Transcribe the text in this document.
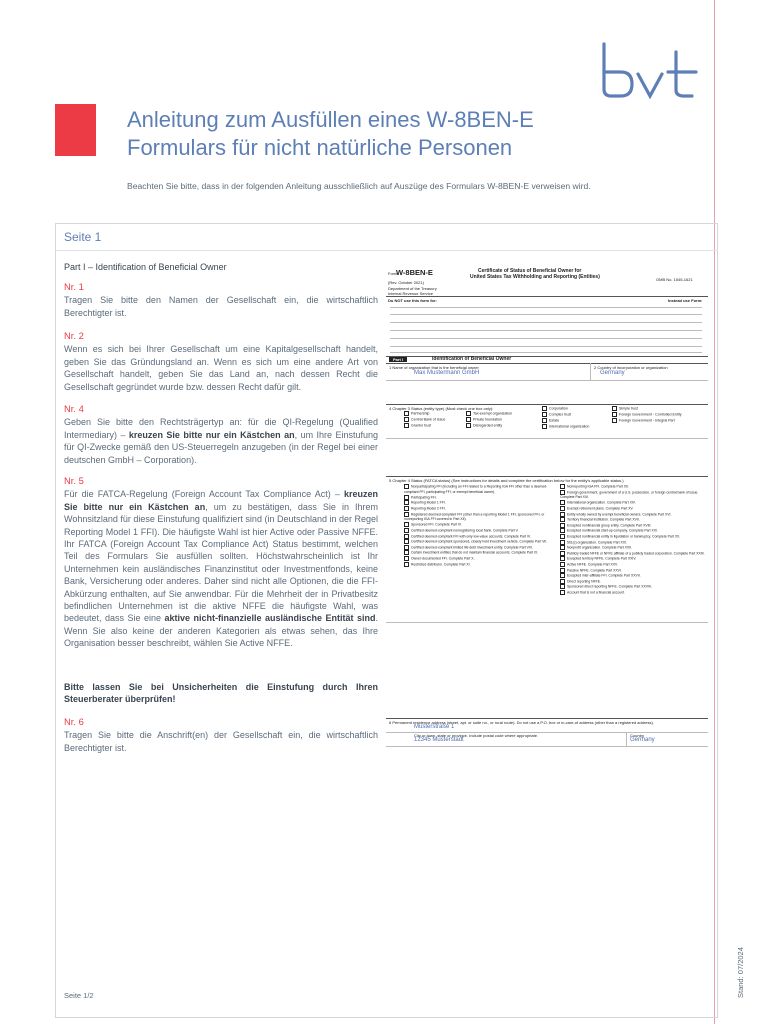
Anleitung zum Ausfüllen eines W-8BEN-E
Formulars für nicht natürliche Personen
Beachten Sie bitte, dass in der folgenden Anleitung ausschließlich auf Auszüge des Formulars W-8BEN-E verweisen wird.
Seite 1
Part I – Identification of Beneficial Owner
Nr. 1
Tragen Sie bitte den Namen der Gesellschaft ein, die wirtschaftlich Berechtigter ist.
Nr. 2
Wenn es sich bei Ihrer Gesellschaft um eine Kapitalgesellschaft handelt, geben Sie das Gründungsland an. Wenn es sich um eine andere Art von Gesellschaft handelt, geben Sie das Land an, nach dessen Recht die Gesellschaft gegründet wurde bzw. dessen Recht dafür gilt.
Nr. 4
Geben Sie bitte den Rechtsträgertyp an: für die QI-Regelung (Qualified Intermediary) – kreuzen Sie bitte nur ein Kästchen an, um Ihre Einstufung für QI-Zwecke gemäß den US-Steuerregeln anzugeben (in der Regel bei einer deutschen GmbH – Corporation).
Nr. 5
Für die FATCA-Regelung (Foreign Account Tax Compliance Act) – kreuzen Sie bitte nur ein Kästchen an, um zu bestätigen, dass Sie in Ihrem Wohnsitzland für diese Einstufung qualifiziert sind (in Deutschland in der Regel Reporting Model 1 FFI). Die häufigste Wahl ist hier Active oder Passive NFFE. Ihr FATCA (Foreign Account Tax Compliance Act) Status bestimmt, welchen Teil des Formulars Sie ausfüllen sollten. Höchstwahrscheinlich ist Ihr Unternehmen kein ausländisches Finanzinstitut oder Investmentfonds, keine Bank, Versicherung oder anderes. Daher sind nicht alle Optionen, die die FFI-Abkürzung enthalten, auf Sie anwendbar. Für die Mehrheit der in Privatbesitz befindlichen Unternehmen ist die aktive NFFE die häufigste Wahl, was bedeutet, dass Sie eine aktive nicht-finanzielle ausländische Entität sind. Wenn Sie also keine der anderen Kategorien als etwas sehen, das Ihre Organisation besser beschreibt, wählen Sie Active NFFE.
Bitte lassen Sie bei Unsicherheiten die Einstufung durch Ihren Steuerberater überprüfen!
Nr. 6
Tragen Sie bitte die Anschrift(en) der Gesellschaft ein, die wirtschaftlich Berechtigter ist.
Form
W-8BEN-E
(Rev. October 2021)
Department of the Treasury Internal Revenue Service
Certificate of Status of Beneficial Owner for
United States Tax Withholding and Reporting (Entities)	OMB No. 1545-1621
Do NOT use this form for:	Instead use Form:
Part I	Identification of Beneficial Owner
1 Name of organization that is the beneficial owner
Max Mustermann GmbH
2 Country of incorporation or organization
Germany
4 Chapter 3 Status (entity type) (Must check one box only):
Partnership
Central Bank of Issue
Grantor trust
Tax-exempt organization
Private foundation
Disregarded entity
Corporation
Complex trust
Estate
International organization
Simple trust
Foreign Government - Controlled Entity
Foreign Government - Integral Part
5 Chapter 4 Status (FATCA status) (See instructions for details and complete the certification below for the entity's applicable status.)
Nonparticipating FFI (including an FFI related to a Reporting IGA FFI other than a deemed-compliant FFI, participating FFI, or exempt beneficial owner).
Participating FFI.
Reporting Model 1 FFI.
Reporting Model 2 FFI.
Registered deemed-compliant FFI (other than a reporting Model 1 FFI, sponsored FFI, or nonreporting IGA FFI covered in Part XII).
Sponsored FFI. Complete Part IV.
Certified deemed-compliant nonregistering local bank. Complete Part V.
Certified deemed-compliant FFI with only low-value accounts. Complete Part VI.
Certified deemed-compliant sponsored, closely held investment vehicle. Complete Part VII.
Certified deemed-compliant limited life debt investment entity. Complete Part VIII.
Certain investment entities that do not maintain financial accounts. Complete Part IX.
Owner-documented FFI. Complete Part X.
Restricted distributor. Complete Part XI.
Nonreporting IGA FFI. Complete Part XII.
Foreign government, government of a U.S. possession, or foreign central bank of issue. Complete Part XIII.
International organization. Complete Part XIV.
Exempt retirement plans. Complete Part XV.
Entity wholly owned by exempt beneficial owners. Complete Part XVI.
Territory financial institution. Complete Part XVII.
Excepted nonfinancial group entity. Complete Part XVIII.
Excepted nonfinancial start-up company. Complete Part XIX.
Excepted nonfinancial entity in liquidation or bankruptcy. Complete Part XX.
501(c) organization. Complete Part XXI.
Nonprofit organization. Complete Part XXII.
Publicly traded NFFE or NFFE affiliate of a publicly traded corporation. Complete Part XXIII.
Excepted territory NFFE. Complete Part XXIV.
Active NFFE. Complete Part XXV.
Passive NFFE. Complete Part XXVI.
Excepted inter-affiliate FFI. Complete Part XXVII.
Direct reporting NFFE.
Sponsored direct reporting NFFE. Complete Part XXVIII.
Account that is not a financial account.
6 Permanent residence address (street, apt. or suite no., or rural route). Do not use a P.O. box or in-care-of address (other than a registered address).
Musterstraße 1
City or town, state or province. Include postal code where appropriate.
12345 Musterstadt
Country
Germany
Seite 1/2	Stand: 07/2024
